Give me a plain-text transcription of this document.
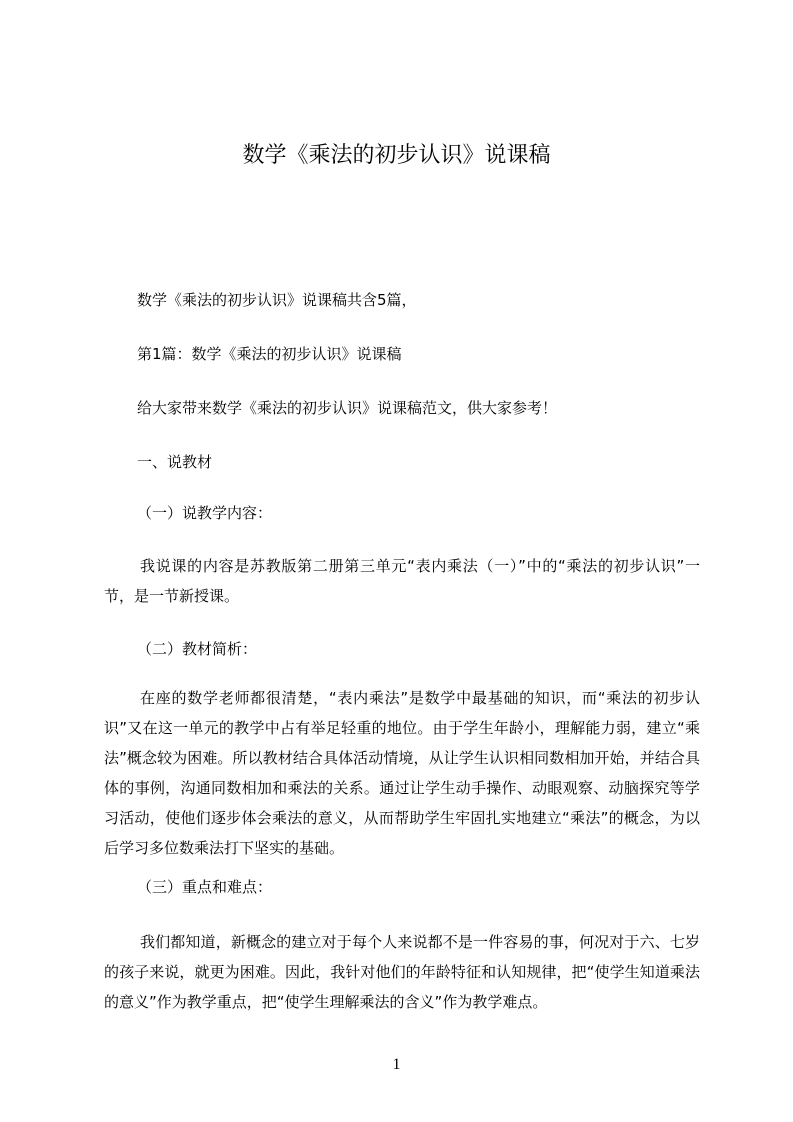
数学《乘法的初步认识》说课稿
数学《乘法的初步认识》说课稿共含5篇，
第1篇：数学《乘法的初步认识》说课稿
给大家带来数学《乘法的初步认识》说课稿范文，供大家参考！
一、说教材
（一）说教学内容：
我说课的内容是苏教版第二册第三单元“表内乘法（一）”中的“乘法的初步认识”一节，是一节新授课。
（二）教材简析：
在座的数学老师都很清楚，“表内乘法”是数学中最基础的知识，而“乘法的初步认识”又在这一单元的教学中占有举足轻重的地位。由于学生年龄小，理解能力弱，建立“乘法”概念较为困难。所以教材结合具体活动情境，从让学生认识相同数相加开始，并结合具体的事例，沟通同数相加和乘法的关系。通过让学生动手操作、动眼观察、动脑探究等学习活动，使他们逐步体会乘法的意义，从而帮助学生牢固扎实地建立“乘法”的概念，为以后学习多位数乘法打下坚实的基础。
（三）重点和难点：
我们都知道，新概念的建立对于每个人来说都不是一件容易的事，何况对于六、七岁的孩子来说，就更为困难。因此，我针对他们的年龄特征和认知规律，把“使学生知道乘法的意义”作为教学重点，把“使学生理解乘法的含义”作为教学难点。
1
